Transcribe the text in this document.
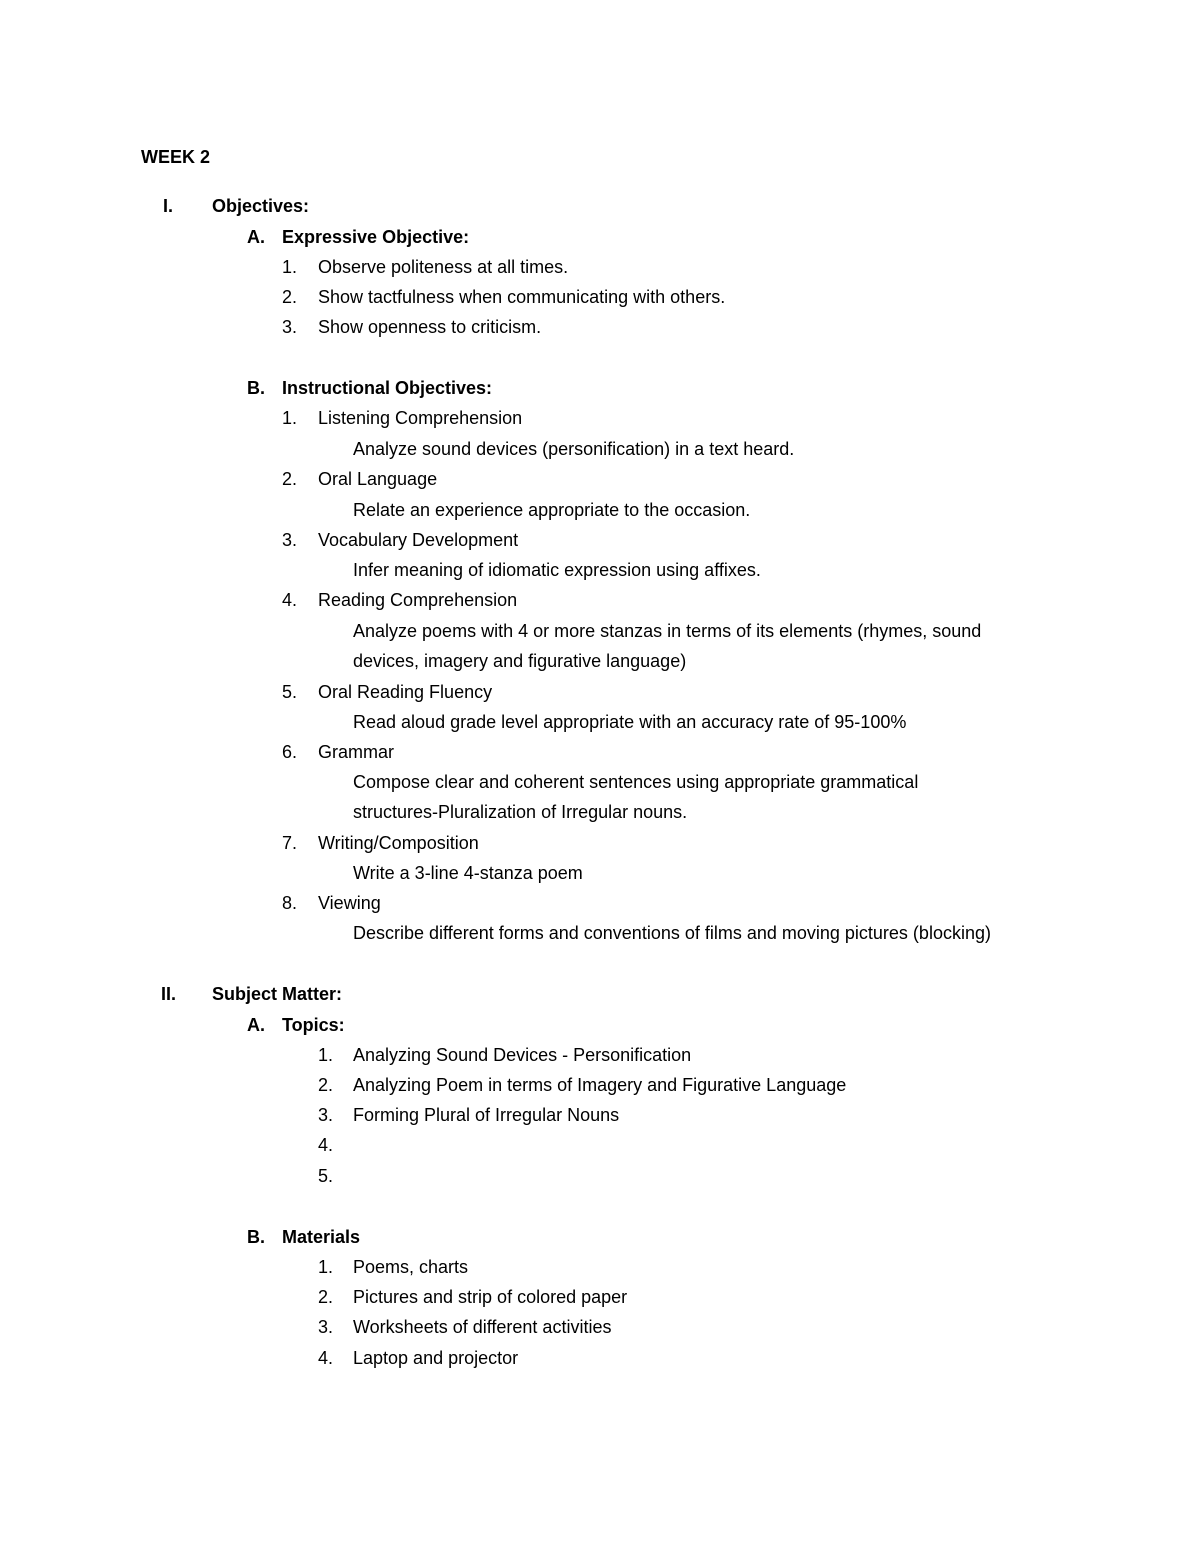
WEEK 2
I. Objectives:
A. Expressive Objective:
1. Observe politeness at all times.
2. Show tactfulness when communicating with others.
3. Show openness to criticism.
B. Instructional Objectives:
1. Listening Comprehension
Analyze sound devices (personification) in a text heard.
2. Oral Language
Relate an experience appropriate to the occasion.
3. Vocabulary Development
Infer meaning of idiomatic expression using affixes.
4. Reading Comprehension
Analyze poems with 4 or more stanzas in terms of its elements (rhymes, sound
devices, imagery and figurative language)
5. Oral Reading Fluency
Read aloud grade level appropriate with an accuracy rate of 95-100%
6. Grammar
Compose clear and coherent sentences using appropriate grammatical
structures-Pluralization of Irregular nouns.
7. Writing/Composition
Write a 3-line 4-stanza poem
8. Viewing
Describe different forms and conventions of films and moving pictures (blocking)
II. Subject Matter:
A. Topics:
1. Analyzing Sound Devices - Personification
2. Analyzing Poem in terms of Imagery and Figurative Language
3. Forming Plural of Irregular Nouns
4.
5.
B. Materials
1. Poems, charts
2. Pictures and strip of colored paper
3. Worksheets of different activities
4. Laptop and projector
